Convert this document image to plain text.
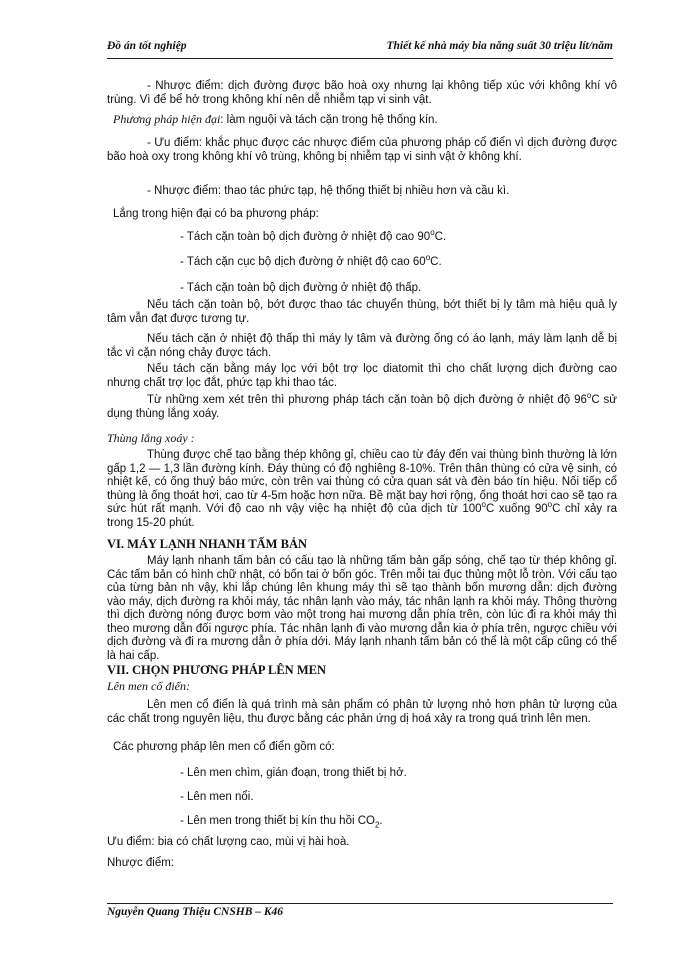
Đồ án tốt nghiệp	Thiết kế nhà máy bia năng suất 30 triệu lít/năm
- Nhược điểm: dịch đường được bão hoà oxy nhưng lại không tiếp xúc với không khí vô trùng. Vì để bể hở trong không khí nên dễ nhiễm tạp vi sinh vật.
Phương pháp hiện đại: làm nguội và tách cặn trong hệ thống kín.
- Ưu điểm: khắc phục được các nhược điểm của phương pháp cổ điển vì dịch đường được bão hoà oxy trong không khí vô trùng, không bị nhiễm tạp vi sinh vật ở không khí.
- Nhược điểm: thao tác phức tạp, hệ thống thiết bị nhiều hơn và cầu kì.
Lắng trong hiện đại có ba phương pháp:
- Tách cặn toàn bộ dịch đường ở nhiệt độ cao 90$^o$C.
- Tách cặn cục bộ dịch đường ở nhiệt độ cao 60$^o$C.
- Tách cặn toàn bộ dịch đường ở nhiệt độ thấp.
Nếu tách cặn toàn bộ, bớt được thao tác chuyển thùng, bớt thiết bị ly tâm mà hiệu quả ly tâm vẫn đạt được tương tự.
Nếu tách cặn ở nhiệt độ thấp thì máy ly tâm và đường ống có áo lạnh, máy làm lạnh dễ bị tắc vì cặn nóng chảy được tách.
Nếu tách cặn bằng máy lọc với bột trợ lọc diatomit thì cho chất lượng dịch đường cao nhưng chất trợ lọc đắt, phức tạp khi thao tác.
Từ những xem xét trên thì phương pháp tách cặn toàn bộ dịch đường ở nhiệt độ 96$^o$C sử dụng thùng lắng xoáy.
Thùng lắng xoáy :
Thùng được chế tạo bằng thép không gỉ, chiều cao từ đáy đến vai thùng bình thường là lớn gấp 1,2 — 1,3 lần đường kính. Đáy thùng có độ nghiêng 8-10%. Trên thân thùng có cửa vệ sinh, có nhiệt kế, có ống thuỷ báo mức, còn trên vai thùng có cửa quan sát và đèn báo tín hiệu. Nối tiếp cổ thùng là ống thoát hơi, cao từ 4-5m hoặc hơn nữa. Bề mặt bay hơi rộng, ống thoát hơi cao sẽ tạo ra sức hút rất mạnh. Với độ cao nh vậy việc hạ nhiệt độ của dịch từ 100$^o$C xuống 90$^o$C chỉ xảy ra trong 15-20 phút.
VI. MÁY LẠNH NHANH TẤM BẢN
Máy lạnh nhanh tấm bản có cấu tạo là những tấm bản gấp sóng, chế tạo từ thép không gỉ. Các tấm bản có hình chữ nhật, có bốn tai ở bốn góc. Trên mỗi tai đục thủng một lỗ tròn. Với cấu tạo của từng bản nh vậy, khi lắp chúng lên khung máy thì sẽ tạo thành bốn mương dẫn: dịch đường vào máy, dịch đường ra khỏi máy, tác nhân lạnh vào máy, tác nhân lạnh ra khỏi máy. Thông thường thì dịch đường nóng được bơm vào một trong hai mương dẫn phía trên, còn lúc đi ra khỏi máy thì theo mương dẫn đối ngược phía. Tác nhân lạnh đi vào mương dẫn kia ở phía trên, ngược chiều với dịch đường và đi ra mương dẫn ở phía dới. Máy lạnh nhanh tấm bản có thể là một cấp cũng có thể là hai cấp.
VII. CHỌN PHƯƠNG PHÁP LÊN MEN
Lên men cổ điển:
Lên men cổ điển là quá trình mà sản phẩm có phân tử lượng nhỏ hơn phân tử lượng của các chất trong nguyên liệu, thu được bằng các phản ứng dị hoá xảy ra trong quá trình lên men.
Các phương pháp lên men cổ điển gồm có:
- Lên men chìm, gián đoạn, trong thiết bị hở.
- Lên men nổi.
- Lên men trong thiết bị kín thu hồi $CO_2$.
Ưu điểm: bia có chất lượng cao, mùi vị hài hoà.
Nhược điểm:
Nguyễn Quang Thiệu CNSHB – K46
